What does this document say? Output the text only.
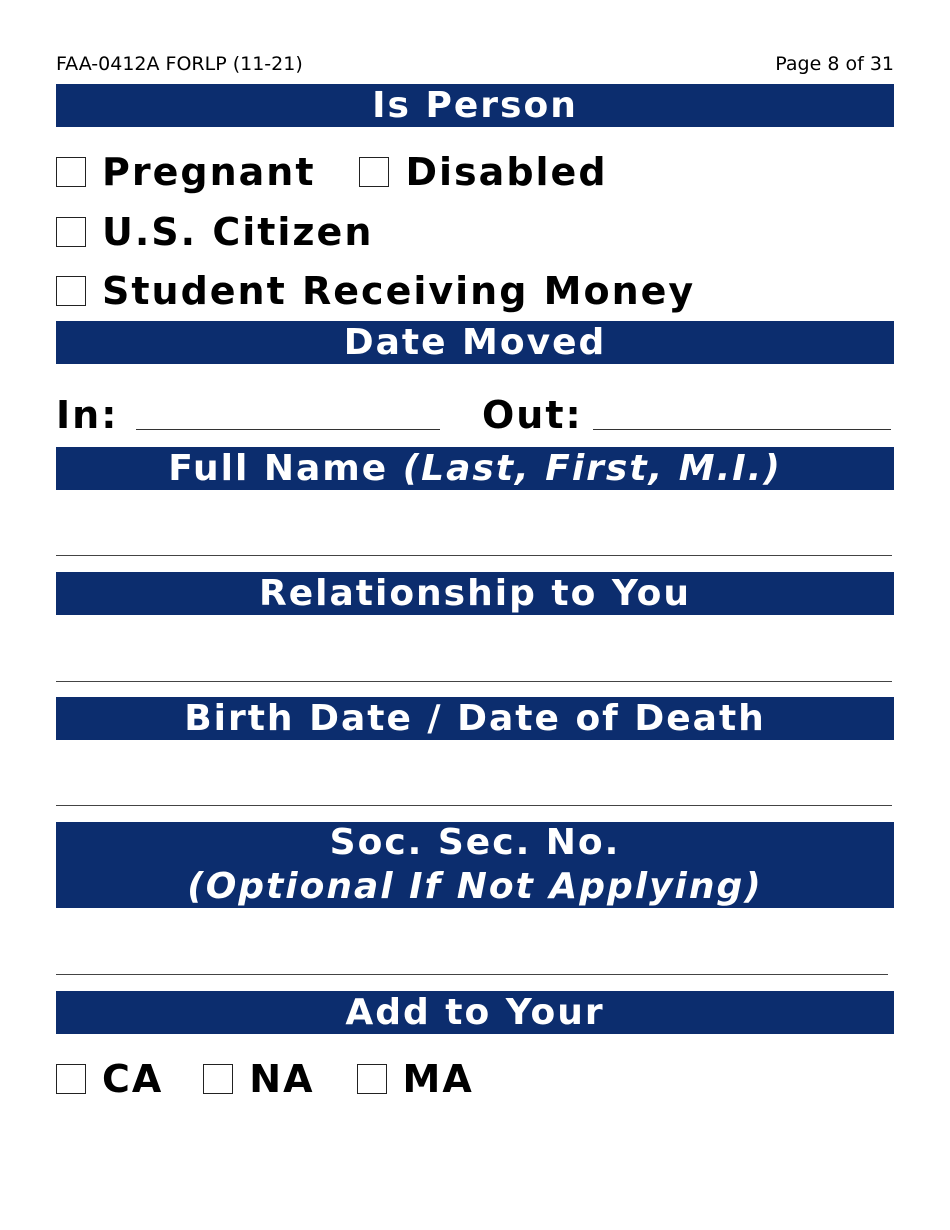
FAA-0412A FORLP (11-21)	Page 8 of 31
Is Person
Pregnant Disabled
U.S. Citizen
Student Receiving Money
Date Moved
In:	Out:
Full Name (Last, First, M.I.)
Relationship to You
Birth Date / Date of Death
Soc. Sec. No.
(Optional If Not Applying)
Add to Your
CA NA MA
